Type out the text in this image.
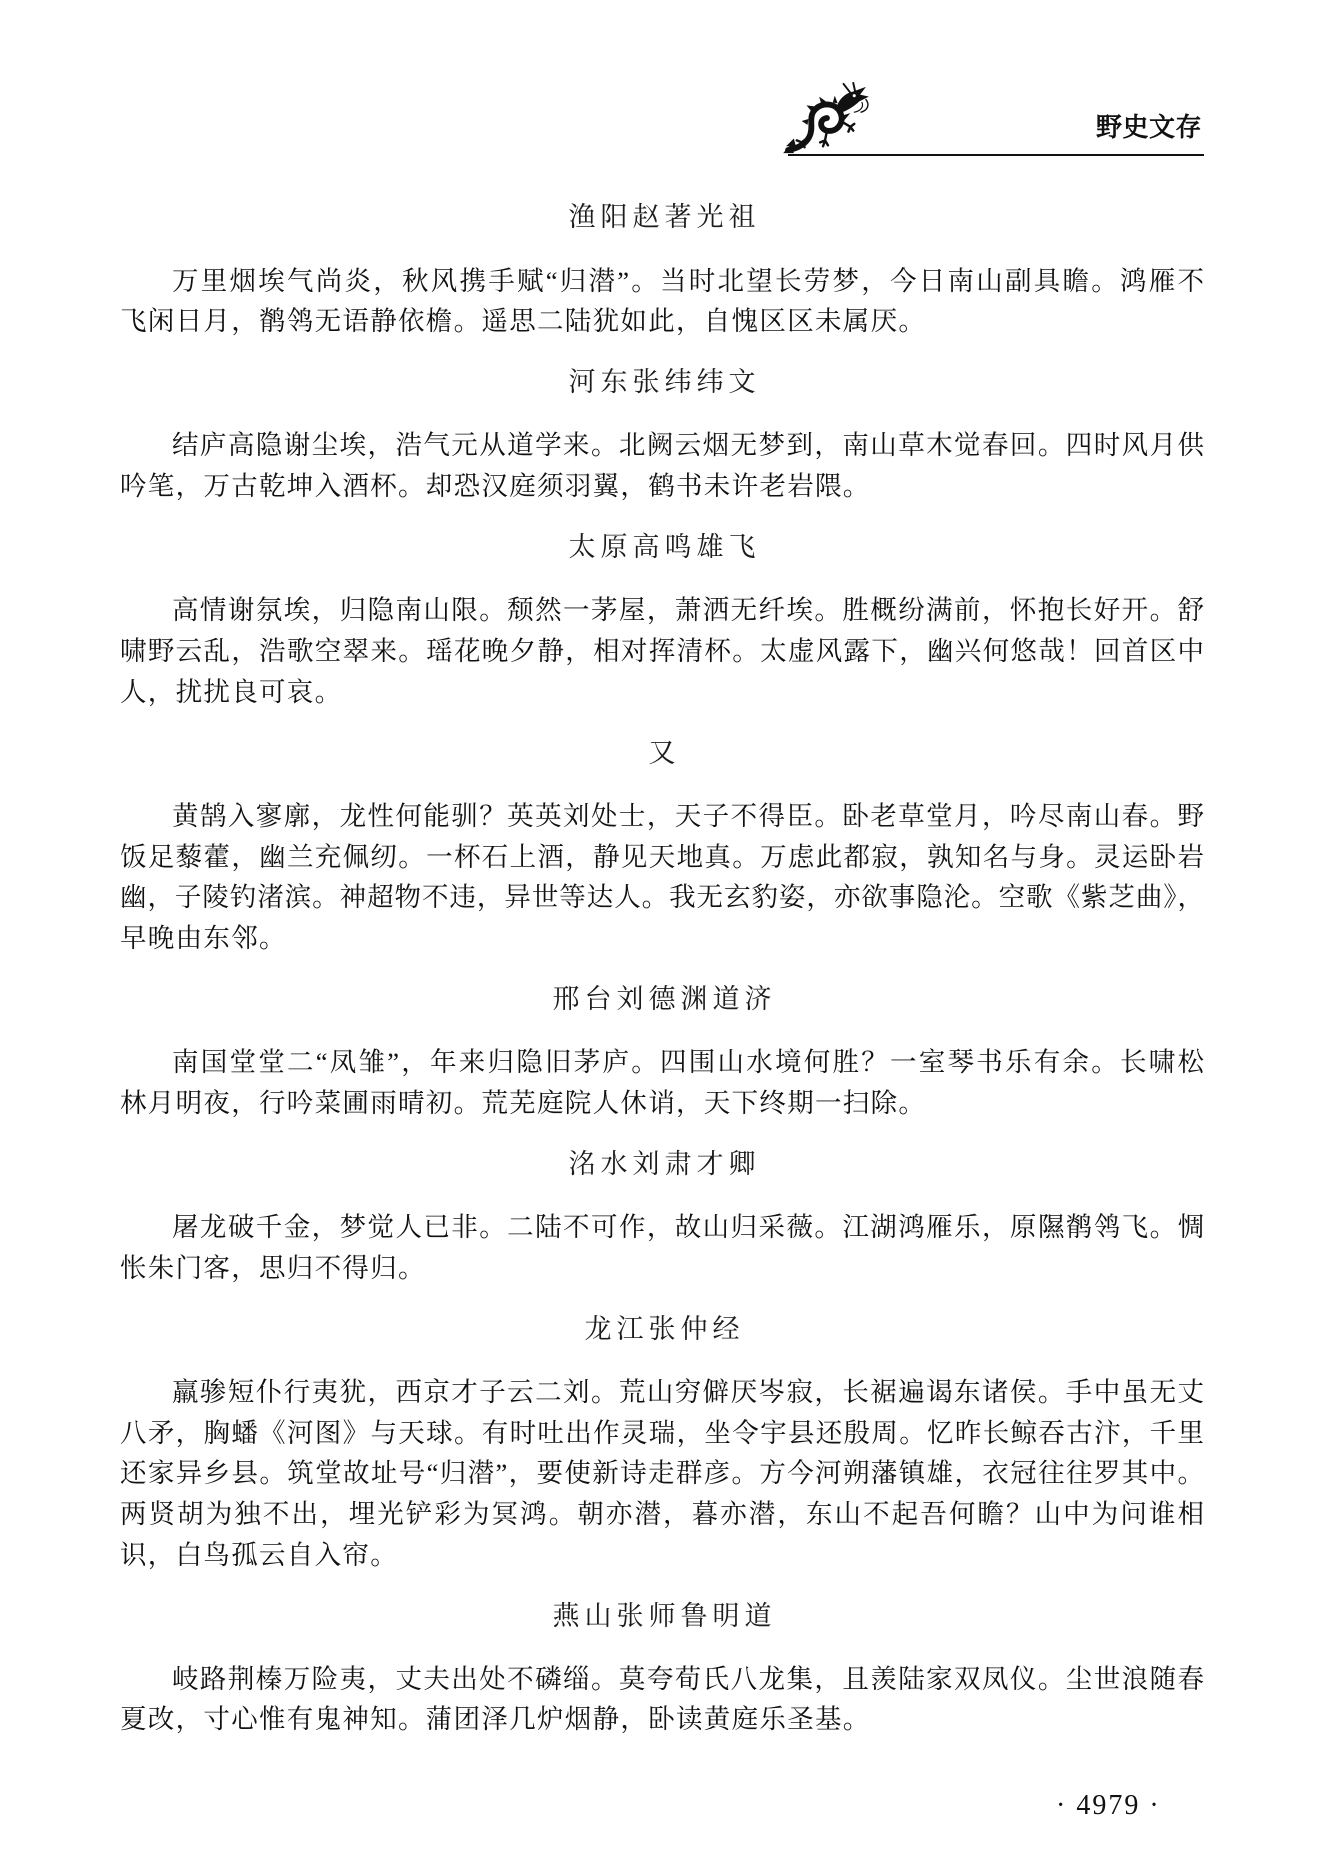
野史文存
渔阳赵著光祖
万里烟埃气尚炎，秋风携手赋“归潜”。当时北望长劳梦，今日南山副具瞻。鸿雁不
飞闲日月，鹡鸰无语静依檐。遥思二陆犹如此，自愧区区未属厌。
河东张纬纬文
结庐高隐谢尘埃，浩气元从道学来。北阙云烟无梦到，南山草木觉春回。四时风月供
吟笔，万古乾坤入酒杯。却恐汉庭须羽翼，鹤书未许老岩隈。
太原高鸣雄飞
高情谢氛埃，归隐南山限。颓然一茅屋，萧洒无纤埃。胜概纷满前，怀抱长好开。舒
啸野云乱，浩歌空翠来。瑶花晚夕静，相对挥清杯。太虚风露下，幽兴何悠哉！回首区中
人，扰扰良可哀。
又
黄鹄入寥廓，龙性何能驯？英英刘处士，天子不得臣。卧老草堂月，吟尽南山春。野
饭足藜藿，幽兰充佩纫。一杯石上酒，静见天地真。万虑此都寂，孰知名与身。灵运卧岩
幽，子陵钓渚滨。神超物不违，异世等达人。我无玄豹姿，亦欲事隐沦。空歌《紫芝曲》，
早晚由东邻。
邢台刘德渊道济
南国堂堂二“凤雏”，年来归隐旧茅庐。四围山水境何胜？一室琴书乐有余。长啸松
林月明夜，行吟菜圃雨晴初。荒芜庭院人休诮，天下终期一扫除。
洺水刘肃才卿
屠龙破千金，梦觉人已非。二陆不可作，故山归采薇。江湖鸿雁乐，原隰鹡鸰飞。惆
怅朱门客，思归不得归。
龙江张仲经
羸骖短仆行夷犹，西京才子云二刘。荒山穷僻厌岑寂，长裾遍谒东诸侯。手中虽无丈
八矛，胸蟠《河图》与天球。有时吐出作灵瑞，坐令宇县还殷周。忆昨长鲸吞古汴，千里
还家异乡县。筑堂故址号“归潜”，要使新诗走群彦。方今河朔藩镇雄，衣冠往往罗其中。
两贤胡为独不出，埋光铲彩为冥鸿。朝亦潜，暮亦潜，东山不起吾何瞻？山中为问谁相
识，白鸟孤云自入帘。
燕山张师鲁明道
岐路荆榛万险夷，丈夫出处不磷缁。莫夸荀氏八龙集，且羡陆家双凤仪。尘世浪随春
夏改，寸心惟有鬼神知。蒲团泽几炉烟静，卧读黄庭乐圣基。
· 4979 ·
